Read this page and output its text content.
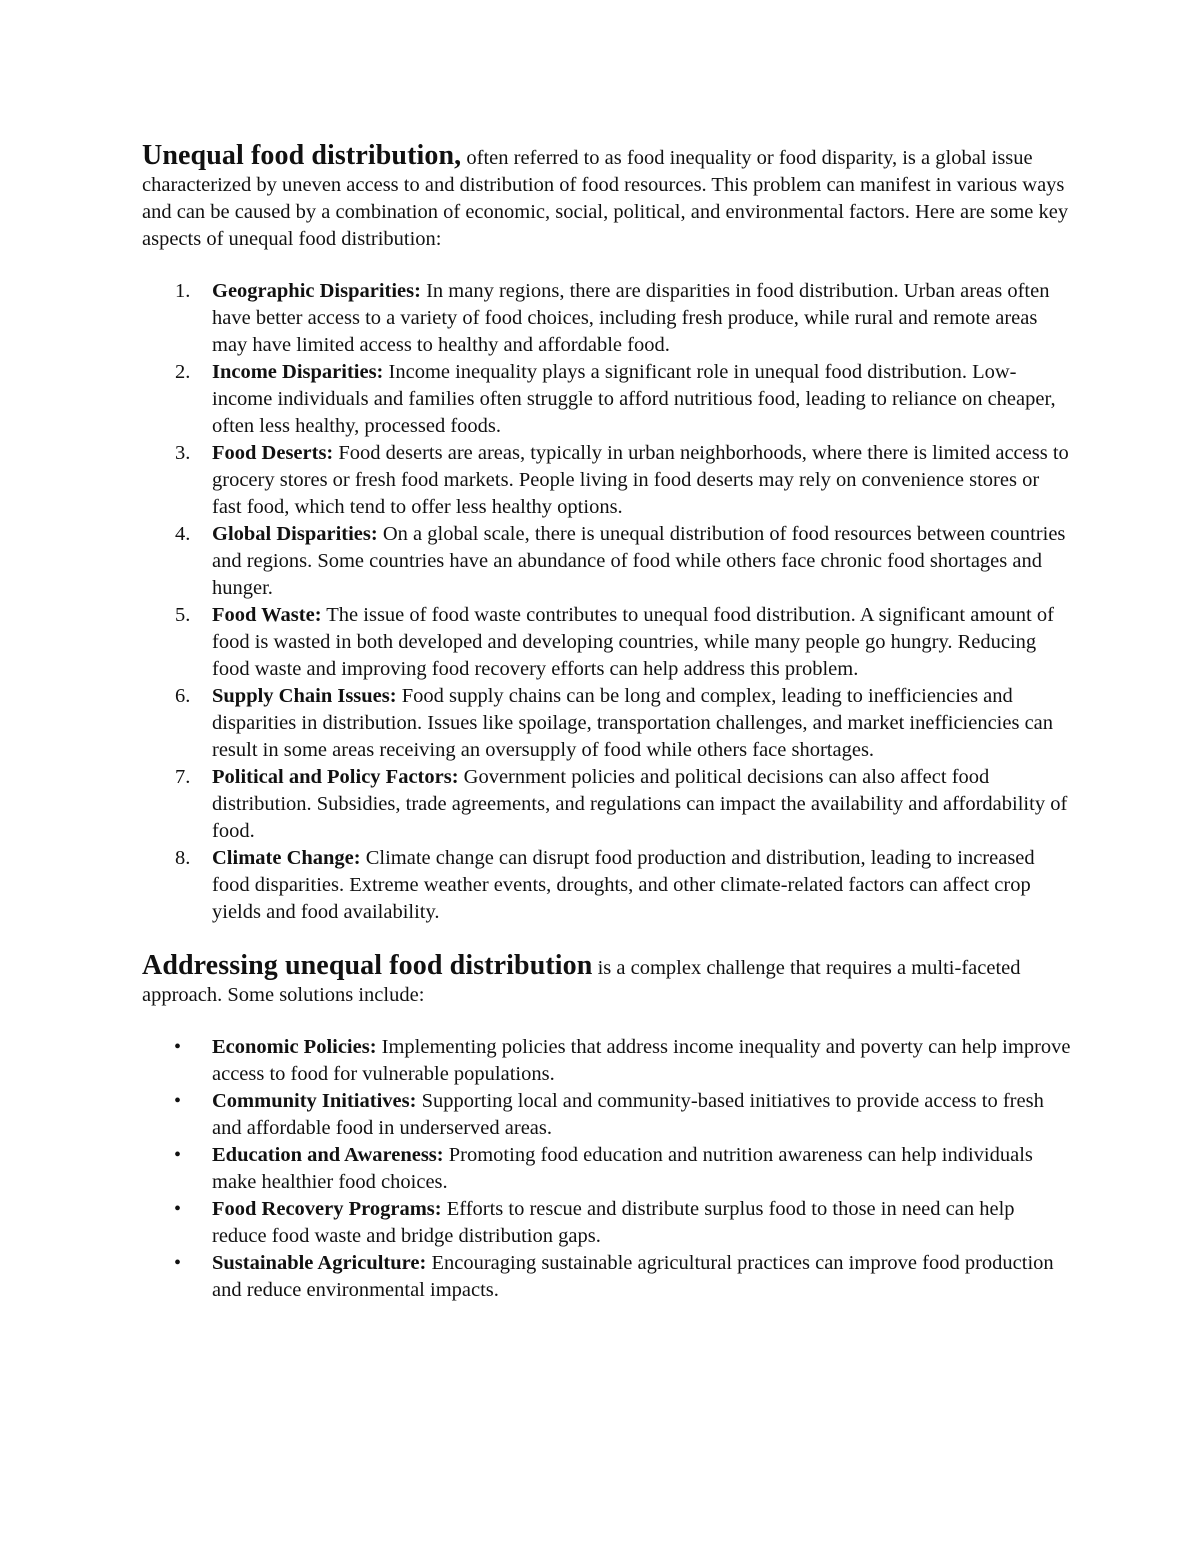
Unequal food distribution, often referred to as food inequality or food disparity, is a global issue characterized by uneven access to and distribution of food resources. This problem can manifest in various ways and can be caused by a combination of economic, social, political, and environmental factors. Here are some key aspects of unequal food distribution:

1. Geographic Disparities: In many regions, there are disparities in food distribution. Urban areas often have better access to a variety of food choices, including fresh produce, while rural and remote areas may have limited access to healthy and affordable food.
2. Income Disparities: Income inequality plays a significant role in unequal food distribution. Low-income individuals and families often struggle to afford nutritious food, leading to reliance on cheaper, often less healthy, processed foods.
3. Food Deserts: Food deserts are areas, typically in urban neighborhoods, where there is limited access to grocery stores or fresh food markets. People living in food deserts may rely on convenience stores or fast food, which tend to offer less healthy options.
4. Global Disparities: On a global scale, there is unequal distribution of food resources between countries and regions. Some countries have an abundance of food while others face chronic food shortages and hunger.
5. Food Waste: The issue of food waste contributes to unequal food distribution. A significant amount of food is wasted in both developed and developing countries, while many people go hungry. Reducing food waste and improving food recovery efforts can help address this problem.
6. Supply Chain Issues: Food supply chains can be long and complex, leading to inefficiencies and disparities in distribution. Issues like spoilage, transportation challenges, and market inefficiencies can result in some areas receiving an oversupply of food while others face shortages.
7. Political and Policy Factors: Government policies and political decisions can also affect food distribution. Subsidies, trade agreements, and regulations can impact the availability and affordability of food.
8. Climate Change: Climate change can disrupt food production and distribution, leading to increased food disparities. Extreme weather events, droughts, and other climate-related factors can affect crop yields and food availability.

Addressing unequal food distribution is a complex challenge that requires a multi-faceted approach. Some solutions include:

• Economic Policies: Implementing policies that address income inequality and poverty can help improve access to food for vulnerable populations.
• Community Initiatives: Supporting local and community-based initiatives to provide access to fresh and affordable food in underserved areas.
• Education and Awareness: Promoting food education and nutrition awareness can help individuals make healthier food choices.
• Food Recovery Programs: Efforts to rescue and distribute surplus food to those in need can help reduce food waste and bridge distribution gaps.
• Sustainable Agriculture: Encouraging sustainable agricultural practices can improve food production and reduce environmental impacts.
